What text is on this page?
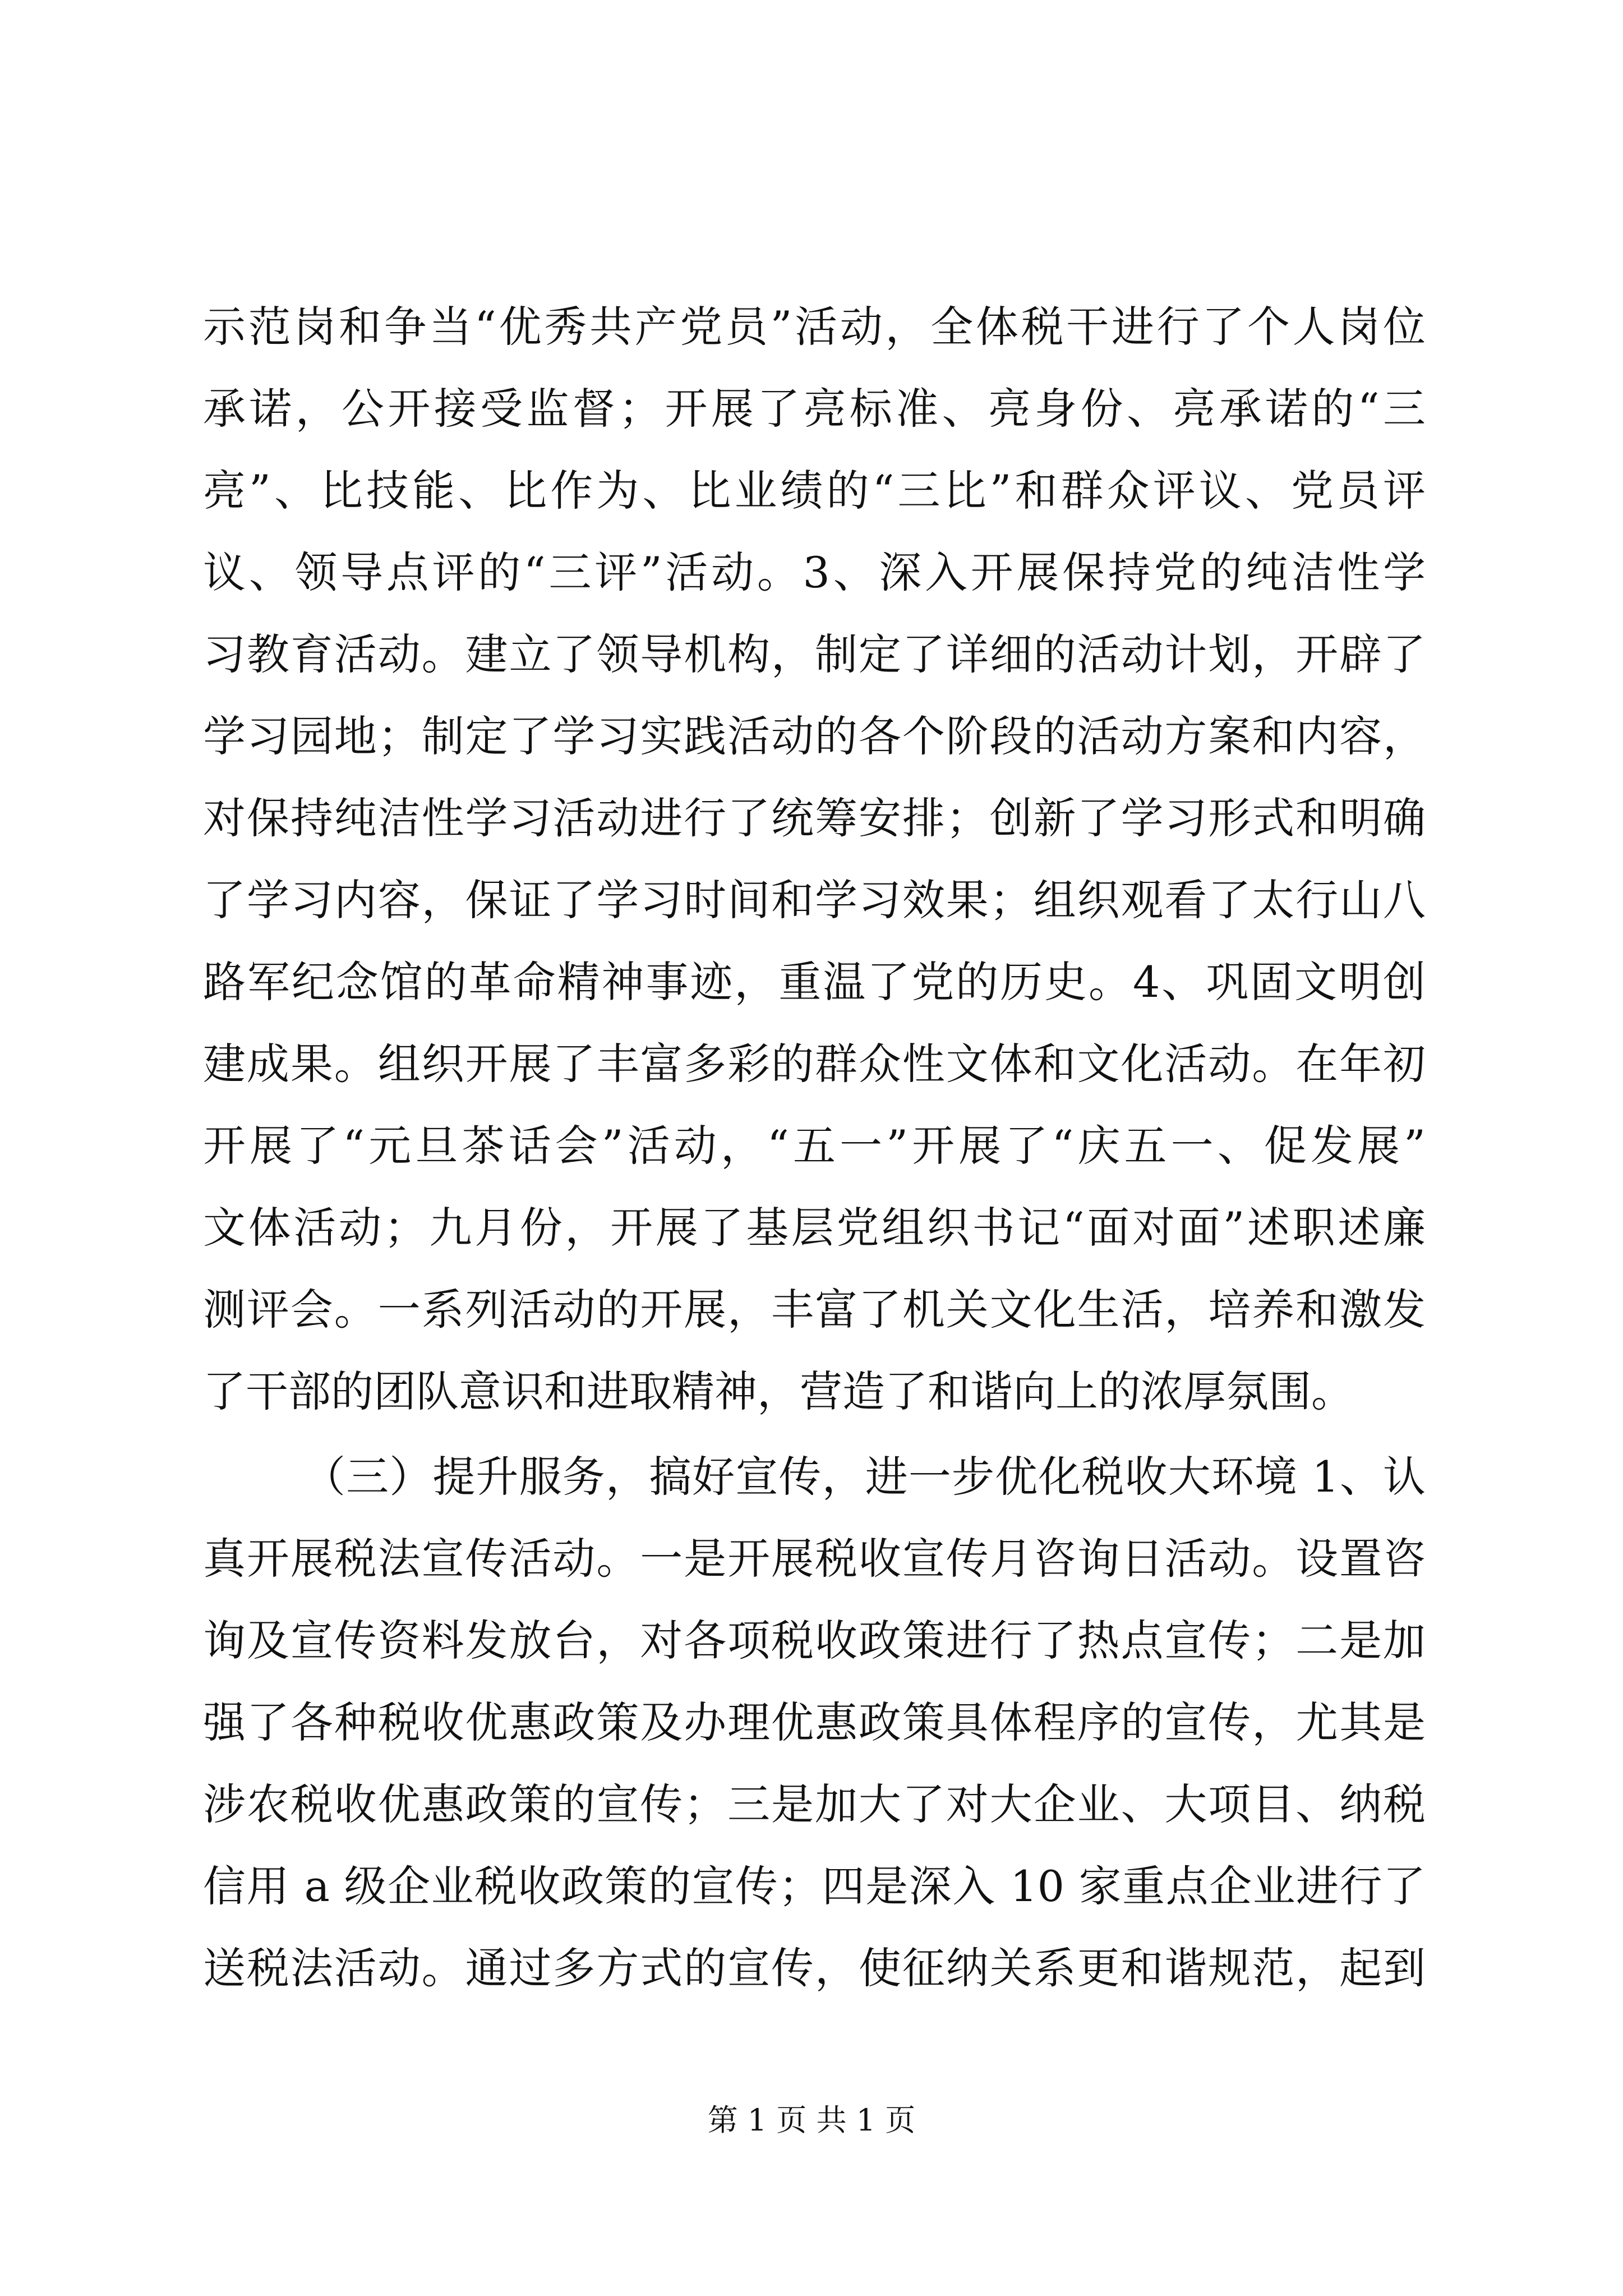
示范岗和争当“优秀共产党员”活动，全体税干进行了个人岗位
承诺，公开接受监督；开展了亮标准、亮身份、亮承诺的“三
亮”、比技能、比作为、比业绩的“三比”和群众评议、党员评
议、领导点评的“三评”活动。3、深入开展保持党的纯洁性学
习教育活动。建立了领导机构，制定了详细的活动计划，开辟了
学习园地；制定了学习实践活动的各个阶段的活动方案和内容，
对保持纯洁性学习活动进行了统筹安排；创新了学习形式和明确
了学习内容，保证了学习时间和学习效果；组织观看了太行山八
路军纪念馆的革命精神事迹，重温了党的历史。4、巩固文明创
建成果。组织开展了丰富多彩的群众性文体和文化活动。在年初
开展了“元旦茶话会”活动，“五一”开展了“庆五一、促发展”
文体活动；九月份，开展了基层党组织书记“面对面”述职述廉
测评会。一系列活动的开展，丰富了机关文化生活，培养和激发
了干部的团队意识和进取精神，营造了和谐向上的浓厚氛围。
（三）提升服务，搞好宣传，进一步优化税收大环境 1、认
真开展税法宣传活动。一是开展税收宣传月咨询日活动。设置咨
询及宣传资料发放台，对各项税收政策进行了热点宣传；二是加
强了各种税收优惠政策及办理优惠政策具体程序的宣传，尤其是
涉农税收优惠政策的宣传；三是加大了对大企业、大项目、纳税
信用 a 级企业税收政策的宣传；四是深入 10 家重点企业进行了
送税法活动。通过多方式的宣传，使征纳关系更和谐规范，起到
第 1 页 共 1 页
